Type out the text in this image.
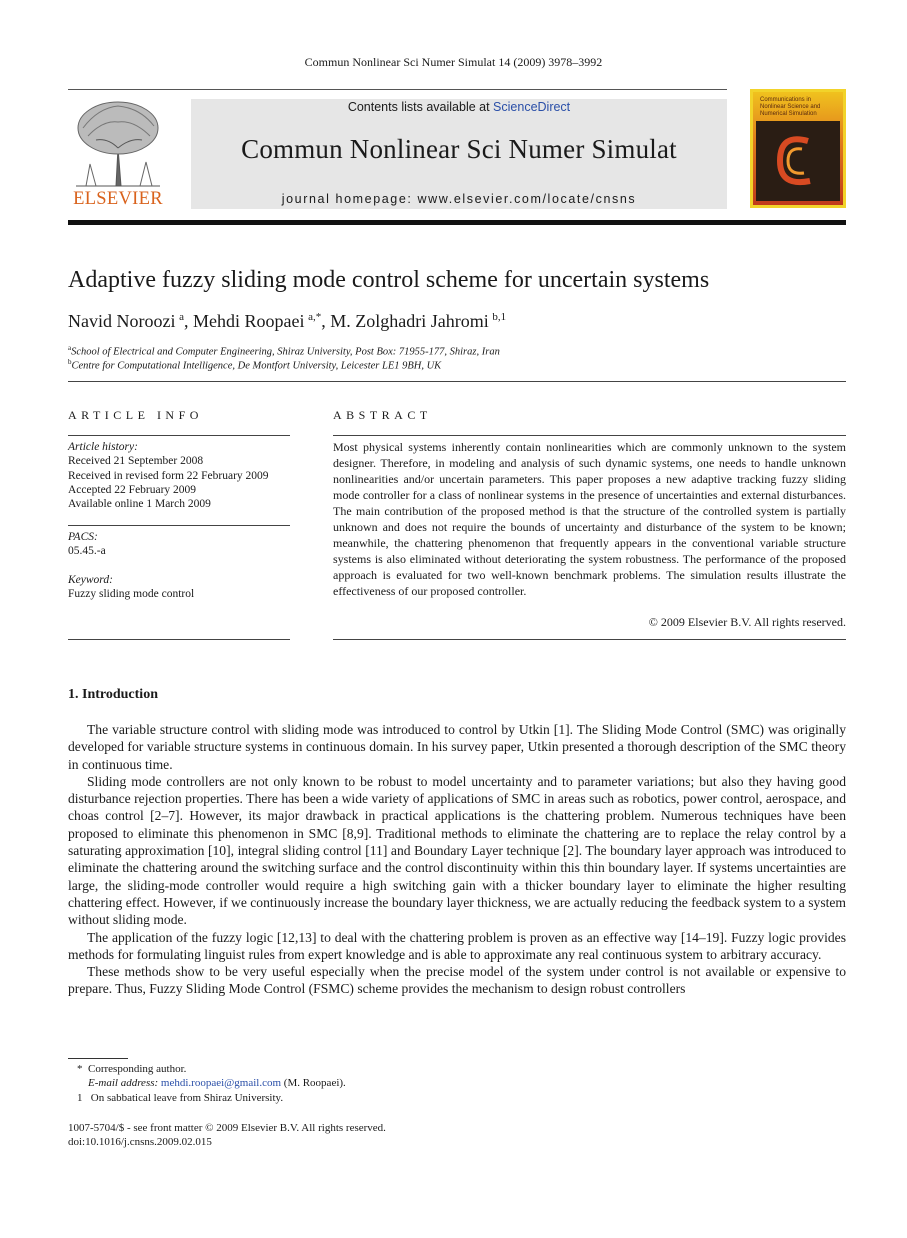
Commun Nonlinear Sci Numer Simulat 14 (2009) 3978–3992
ELSEVIER
Contents lists available at ScienceDirect
Commun Nonlinear Sci Numer Simulat
journal homepage: www.elsevier.com/locate/cnsns
Communications in
Nonlinear Science and
Numerical Simulation
Adaptive fuzzy sliding mode control scheme for uncertain systems
Navid Noroozi  $^a$, Mehdi Roopaei  $^{a,*}$, M. Zolghadri Jahromi  $^{b,1}$
$^a$School of Electrical and Computer Engineering, Shiraz University, Post Box: 71955-177, Shiraz, Iran
$^b$Centre for Computational Intelligence, De Montfort University, Leicester LE1 9BH, UK
ARTICLE INFO
Article history:
Received 21 September 2008
Received in revised form 22 February 2009
Accepted 22 February 2009
Available online 1 March 2009
PACS:
05.45.-a
Keyword:
Fuzzy sliding mode control
ABSTRACT
Most physical systems inherently contain nonlinearities which are commonly unknown to the system designer. Therefore, in modeling and analysis of such dynamic systems, one needs to handle unknown nonlinearities and/or uncertain parameters. This paper proposes a new adaptive tracking fuzzy sliding mode controller for a class of nonlinear systems in the presence of uncertainties and external disturbances. The main contribution of the proposed method is that the structure of the controlled system is partially unknown and does not require the bounds of uncertainty and disturbance of the system to be known; meanwhile, the chattering phenomenon that frequently appears in the conventional variable structure systems is also eliminated without deteriorating the system robustness. The performance of the proposed approach is evaluated for two well-known benchmark problems. The simulation results illustrate the effectiveness of our proposed controller.
© 2009 Elsevier B.V. All rights reserved.
1. Introduction

The variable structure control with sliding mode was introduced to control by Utkin [1]. The Sliding Mode Control (SMC) was originally developed for variable structure systems in continuous domain. In his survey paper, Utkin presented a thorough description of the SMC theory in continuous time.

Sliding mode controllers are not only known to be robust to model uncertainty and to parameter variations; but also they having good disturbance rejection properties. There has been a wide variety of applications of SMC in areas such as robotics, power control, aerospace, and choas control [2–7]. However, its major drawback in practical applications is the chattering problem. Numerous techniques have been proposed to eliminate this phenomenon in SMC [8,9]. Traditional methods to eliminate the chattering are to replace the relay control by a saturating approximation [10], integral sliding control [11] and Boundary Layer technique [2]. The boundary layer approach was introduced to eliminate the chattering around the switching surface and the control discontinuity within this thin boundary layer. If systems uncertainties are large, the sliding-mode controller would require a high switching gain with a thicker boundary layer to eliminate the higher resulting chattering effect. However, if we continuously increase the boundary layer thickness, we are actually reducing the feedback system to a system without sliding mode.

The application of the fuzzy logic [12,13] to deal with the chattering problem is proven as an effective way [14–19]. Fuzzy logic provides methods for formulating linguist rules from expert knowledge and is able to approximate any real continuous system to arbitrary accuracy.

These methods show to be very useful especially when the precise model of the system under control is not available or expensive to prepare. Thus, Fuzzy Sliding Mode Control (FSMC) scheme provides the mechanism to design robust controllers

* Corresponding author.
E-mail address: mehdi.roopaei@gmail.com (M. Roopaei).
1 On sabbatical leave from Shiraz University.
1007-5704/$ - see front matter © 2009 Elsevier B.V. All rights reserved.
doi:10.1016/j.cnsns.2009.02.015
